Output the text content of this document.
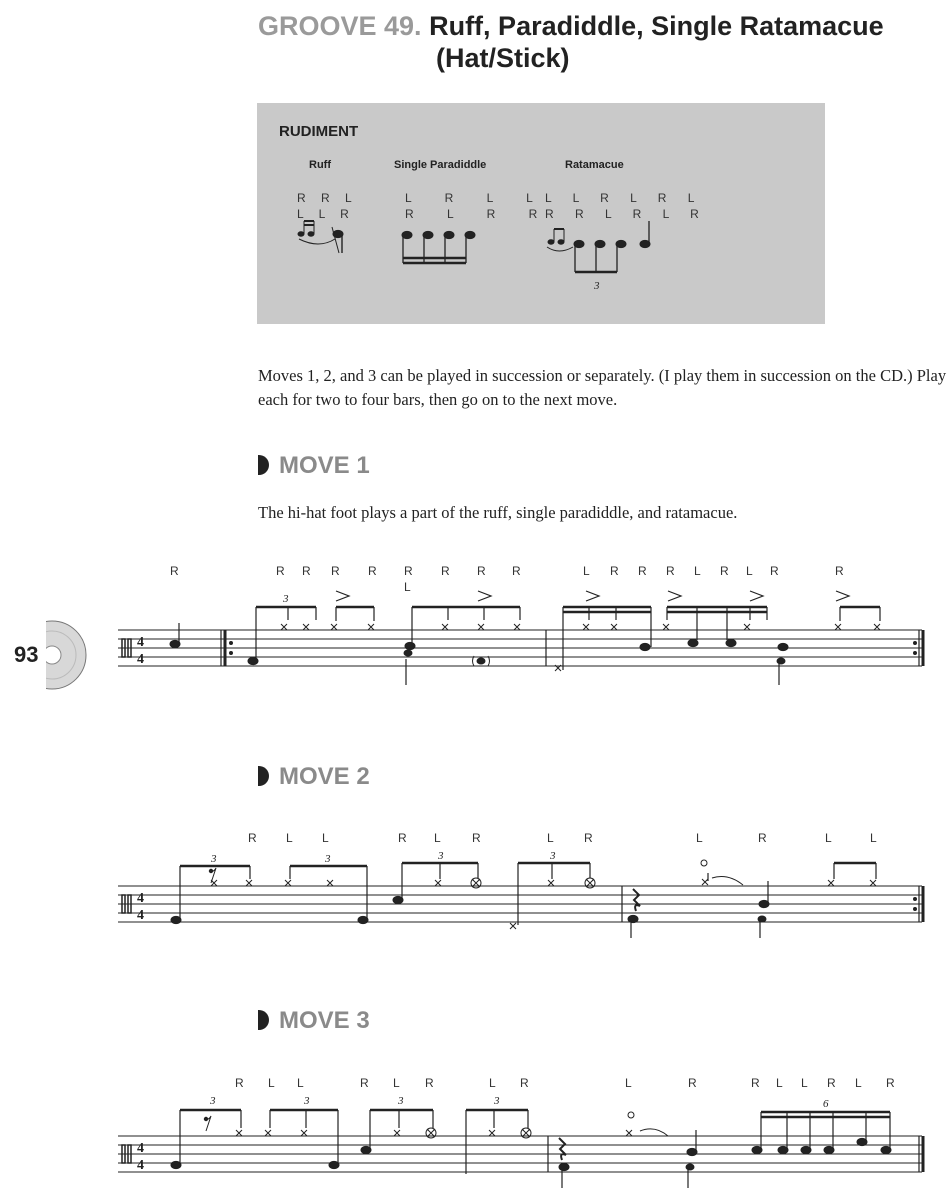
GROOVE 49. Ruff, Paradiddle, Single Ratamacue
(Hat/Stick)
RUDIMENT
Ruff
R R L
L L R
Single Paradiddle
L R L L
R L R R
Ratamacue
L L R L R L
R R L R L R
3
Moves 1, 2, and 3 can be played in succession or separately. (I play them in succession on the CD.) Play each for two to four bars, then go on to the next move.
MOVE 1
The hi-hat foot plays a part of the ruff, single paradiddle, and ratamacue.
93	4
4
3
R	R R R R R R R R	L R R R L R L R	R
L
MOVE 2
4
4
3	3	3	3
R L L	R L	R	L	R	L	R	L	L
MOVE 3
4
4
3	3	3	3	6
R L L	R L R	L R	L	R	R L L R L R
